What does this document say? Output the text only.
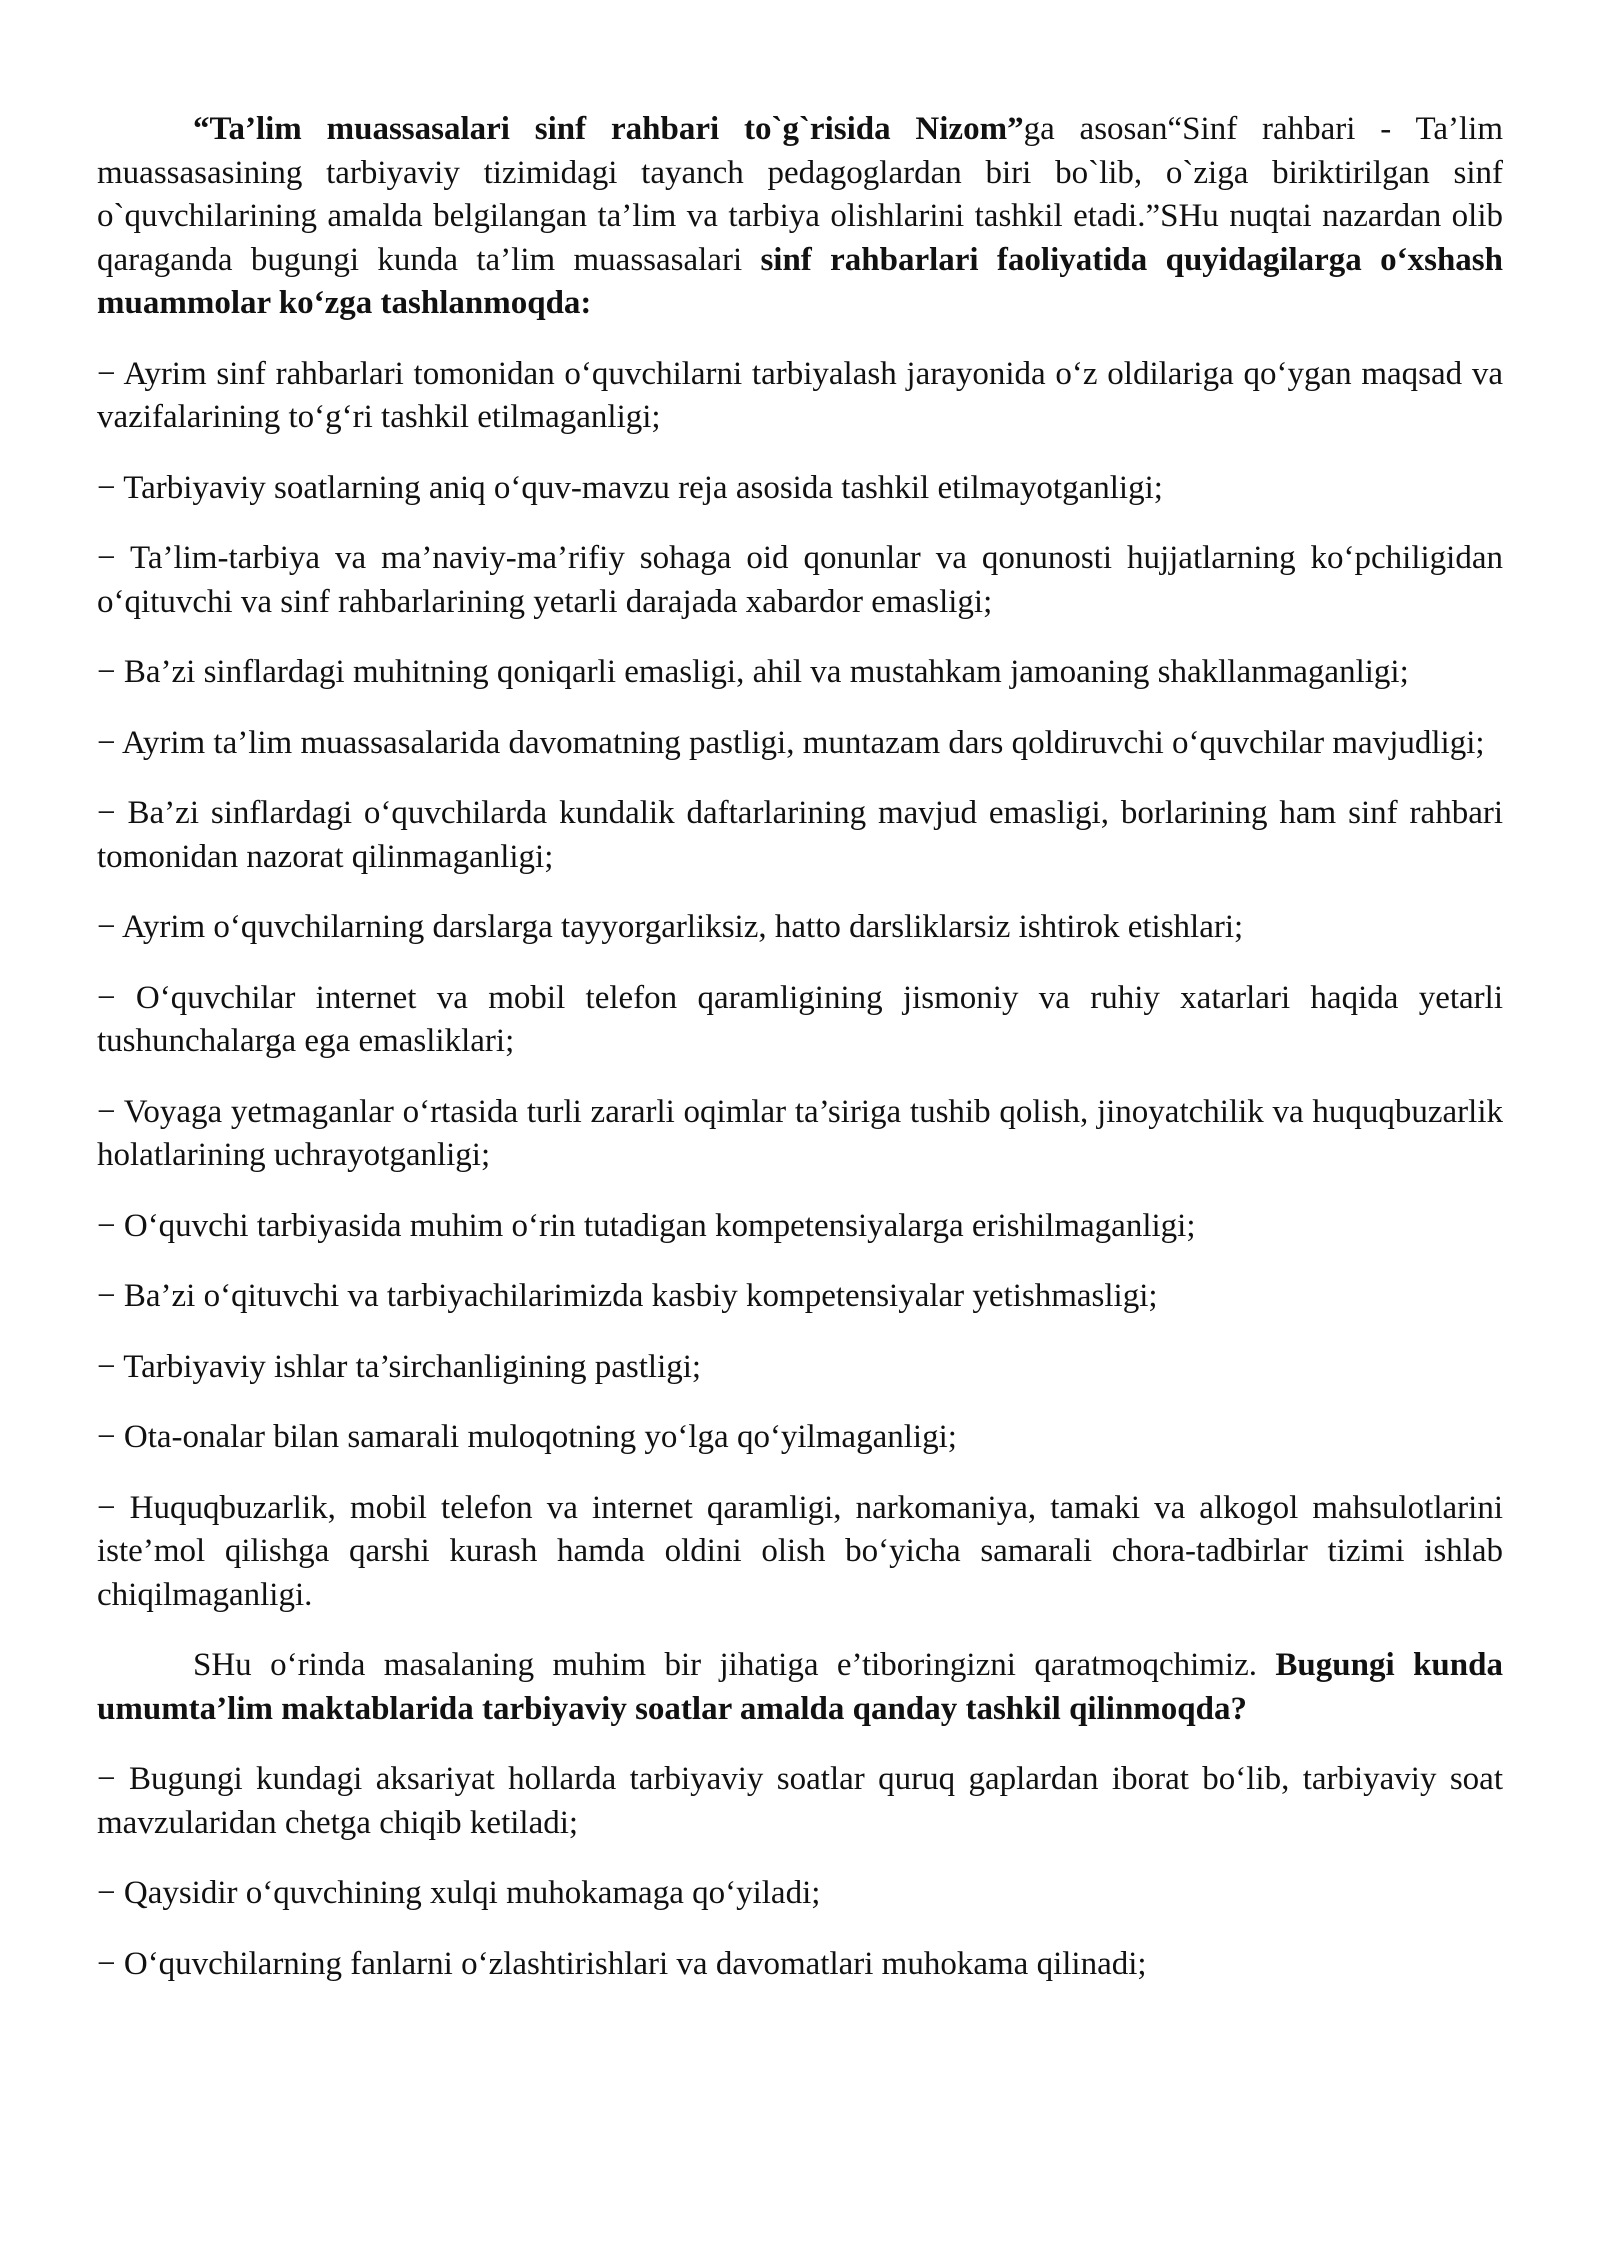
“Ta’lim muassasalari sinf rahbari to`g`risida Nizom”ga asosan“Sinf rahbari - Ta’lim muassasasining tarbiyaviy tizimidagi tayanch pedagoglardan biri bo`lib, o`ziga biriktirilgan sinf o`quvchilarining amalda belgilangan ta’lim va tarbiya olishlarini tashkil etadi.”SHu nuqtai nazardan olib qaraganda bugungi kunda ta’lim muassasalari sinf rahbarlari faoliyatida quyidagilarga o‘xshash muammolar ko‘zga tashlanmoqda:

− Ayrim sinf rahbarlari tomonidan o‘quvchilarni tarbiyalash jarayonida o‘z oldilariga qo‘ygan maqsad va vazifalarining to‘g‘ri tashkil etilmaganligi;

− Tarbiyaviy soatlarning aniq o‘quv-mavzu reja asosida tashkil etilmayotganligi;

− Ta’lim-tarbiya va ma’naviy-ma’rifiy sohaga oid qonunlar va qonunosti hujjatlarning ko‘pchiligidan o‘qituvchi va sinf rahbarlarining yetarli darajada xabardor emasligi;

− Ba’zi sinflardagi muhitning qoniqarli emasligi, ahil va mustahkam jamoaning shakllanmaganligi;

− Ayrim ta’lim muassasalarida davomatning pastligi, muntazam dars qoldiruvchi o‘quvchilar mavjudligi;

− Ba’zi sinflardagi o‘quvchilarda kundalik daftarlarining mavjud emasligi, borlarining ham sinf rahbari tomonidan nazorat qilinmaganligi;

− Ayrim o‘quvchilarning darslarga tayyorgarliksiz, hatto darsliklarsiz ishtirok etishlari;

− O‘quvchilar internet va mobil telefon qaramligining jismoniy va ruhiy xatarlari haqida yetarli tushunchalarga ega emasliklari;

− Voyaga yetmaganlar o‘rtasida turli zararli oqimlar ta’siriga tushib qolish, jinoyatchilik va huquqbuzarlik holatlarining uchrayotganligi;

− O‘quvchi tarbiyasida muhim o‘rin tutadigan kompetensiyalarga erishilmaganligi;

− Ba’zi o‘qituvchi va tarbiyachilarimizda kasbiy kompetensiyalar yetishmasligi;

− Tarbiyaviy ishlar ta’sirchanligining pastligi;

− Ota-onalar bilan samarali muloqotning yo‘lga qo‘yilmaganligi;

− Huquqbuzarlik, mobil telefon va internet qaramligi, narkomaniya, tamaki va alkogol mahsulotlarini iste’mol qilishga qarshi kurash hamda oldini olish bo‘yicha samarali chora-tadbirlar tizimi ishlab chiqilmaganligi.

SHu o‘rinda masalaning muhim bir jihatiga e’tiboringizni qaratmoqchimiz. Bugungi kunda umumta’lim maktablarida tarbiyaviy soatlar amalda qanday tashkil qilinmoqda?

− Bugungi kundagi aksariyat hollarda tarbiyaviy soatlar quruq gaplardan iborat bo‘lib, tarbiyaviy soat mavzularidan chetga chiqib ketiladi;

− Qaysidir o‘quvchining xulqi muhokamaga qo‘yiladi;

− O‘quvchilarning fanlarni o‘zlashtirishlari va davomatlari muhokama qilinadi;
